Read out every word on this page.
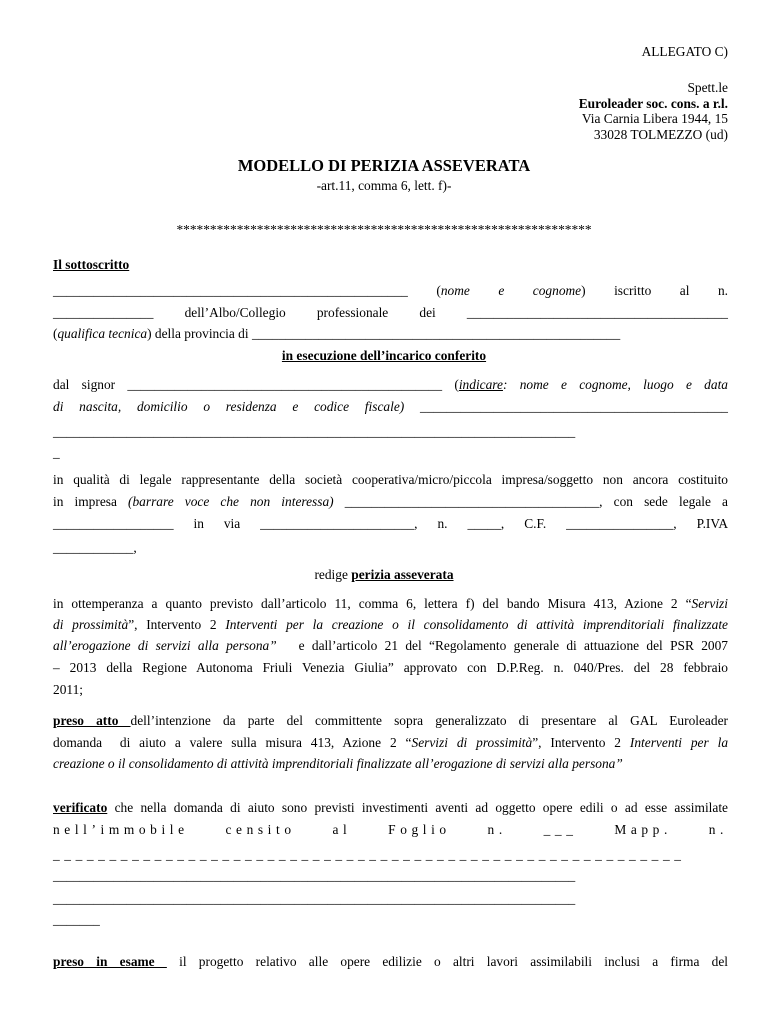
ALLEGATO C)
Spett.le
Euroleader soc. cons. a r.l.
Via Carnia Libera 1944, 15
33028 TOLMEZZO (ud)
MODELLO DI PERIZIA ASSEVERATA
-art.11, comma 6, lett. f)-
**************************************************************
Il sottoscritto
_____________________________________________________ (nome e cognome) iscritto al n.
_______________ dell’Albo/Collegio professionale dei _______________________________________
(qualifica tecnica) della provincia di _______________________________________________________
in esecuzione dell’incarico conferito
dal signor _______________________________________________ (indicare: nome e cognome, luogo e data
di nascita, domicilio o residenza e codice fiscale) ______________________________________________
______________________________________________________________________________
_
in qualità di legale rappresentante della società cooperativa/micro/piccola impresa/soggetto non ancora costituito
in impresa (barrare voce che non interessa) ______________________________________, con sede legale a
__________________ in via _______________________, n. _____, C.F. ________________, P.IVA
____________,
redige perizia asseverata
in ottemperanza a quanto previsto dall’articolo 11, comma 6, lettera f) del bando Misura 413, Azione 2 “Servizi
di prossimità”, Intervento 2 Interventi per la creazione o il consolidamento di attività imprenditoriali finalizzate
all’erogazione di servizi alla persona”   e dall’articolo 21 del “Regolamento generale di attuazione del PSR 2007
– 2013 della Regione Autonoma Friuli Venezia Giulia” approvato con D.P.Reg. n. 040/Pres. del 28 febbraio
2011;
preso atto dell’intenzione da parte del committente sopra generalizzato di presentare al GAL Euroleader
domanda  di aiuto a valere sulla misura 413, Azione 2 “Servizi di prossimità”, Intervento 2 Interventi per la
creazione o il consolidamento di attività imprenditoriali finalizzate all’erogazione di servizi alla persona”
verificato che nella domanda di aiuto sono previsti investimenti aventi ad oggetto opere edili o ad esse assimilate
nell’immobile censito al Foglio n. ___ Mapp. n.
________________________________________________________
______________________________________________________________________________
______________________________________________________________________________
_______
preso in esame  il progetto relativo alle opere edilizie o altri lavori assimilabili inclusi a firma del
